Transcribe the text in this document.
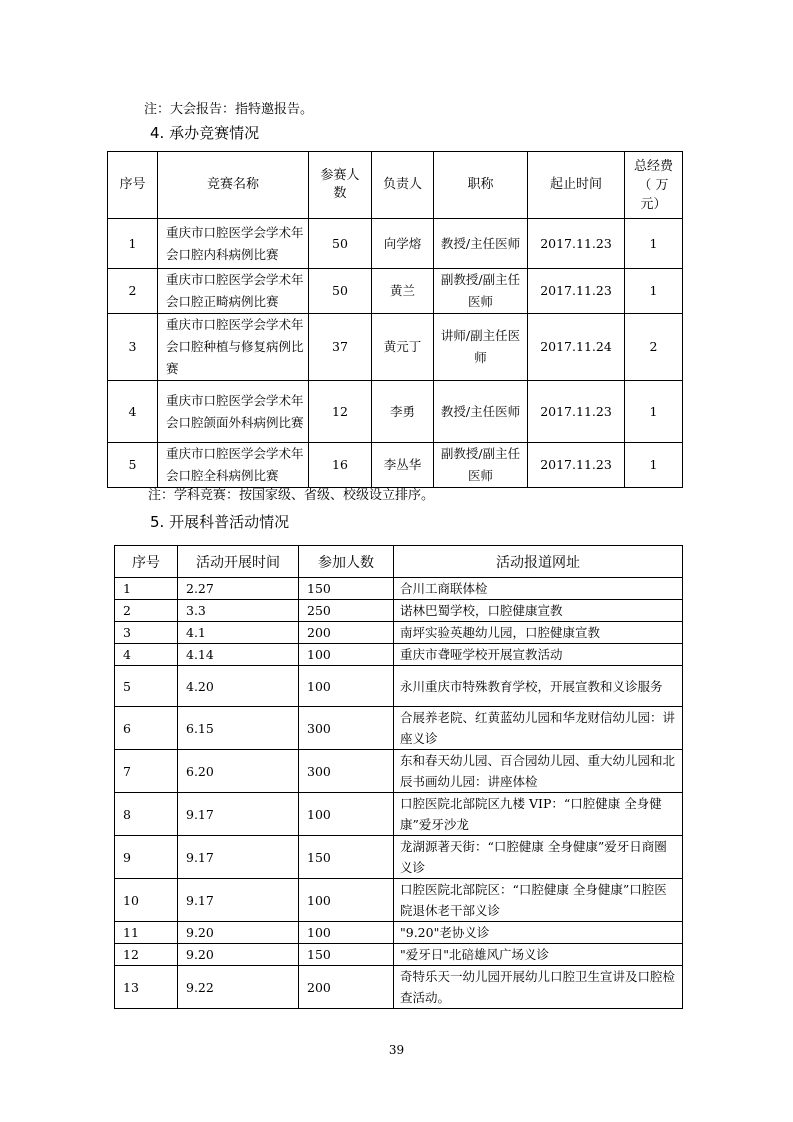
注：大会报告：指特邀报告。
4. 承办竞赛情况
序号	竞赛名称	参赛人数	负责人	职称	起止时间	总经费（ 万元）
1	重庆市口腔医学会学术年会口腔内科病例比赛	50	向学熔	教授/主任医师	2017.11.23	1
2	重庆市口腔医学会学术年会口腔正畸病例比赛	50	黄兰	副教授/副主任医师	2017.11.23	1
3	重庆市口腔医学会学术年会口腔种植与修复病例比赛	37	黄元丁	讲师/副主任医师	2017.11.24	2
4	重庆市口腔医学会学术年会口腔颌面外科病例比赛	12	李勇	教授/主任医师	2017.11.23	1
5	重庆市口腔医学会学术年会口腔全科病例比赛	16	李丛华	副教授/副主任医师	2017.11.23	1
注：学科竞赛：按国家级、省级、校级设立排序。
5. 开展科普活动情况
序号	活动开展时间	参加人数	活动报道网址
1	2.27	150	合川工商联体检
2	3.3	250	诺林巴蜀学校，口腔健康宣教
3	4.1	200	南坪实验英趣幼儿园，口腔健康宣教
4	4.14	100	重庆市聋哑学校开展宣教活动
5	4.20	100	永川重庆市特殊教育学校，开展宣教和义诊服务
6	6.15	300	合展养老院、红黄蓝幼儿园和华龙财信幼儿园：讲座义诊
7	6.20	300	东和春天幼儿园、百合园幼儿园、重大幼儿园和北辰书画幼儿园：讲座体检
8	9.17	100	口腔医院北部院区九楼 VIP：“口腔健康 全身健康”爱牙沙龙
9	9.17	150	龙湖源著天街：“口腔健康 全身健康”爱牙日商圈义诊
10	9.17	100	口腔医院北部院区：“口腔健康 全身健康”口腔医院退休老干部义诊
11	9.20	100	"9.20"老协义诊
12	9.20	150	"爱牙日"北碚雄风广场义诊
13	9.22	200	奇特乐天一幼儿园开展幼儿口腔卫生宣讲及口腔检查活动。
39
